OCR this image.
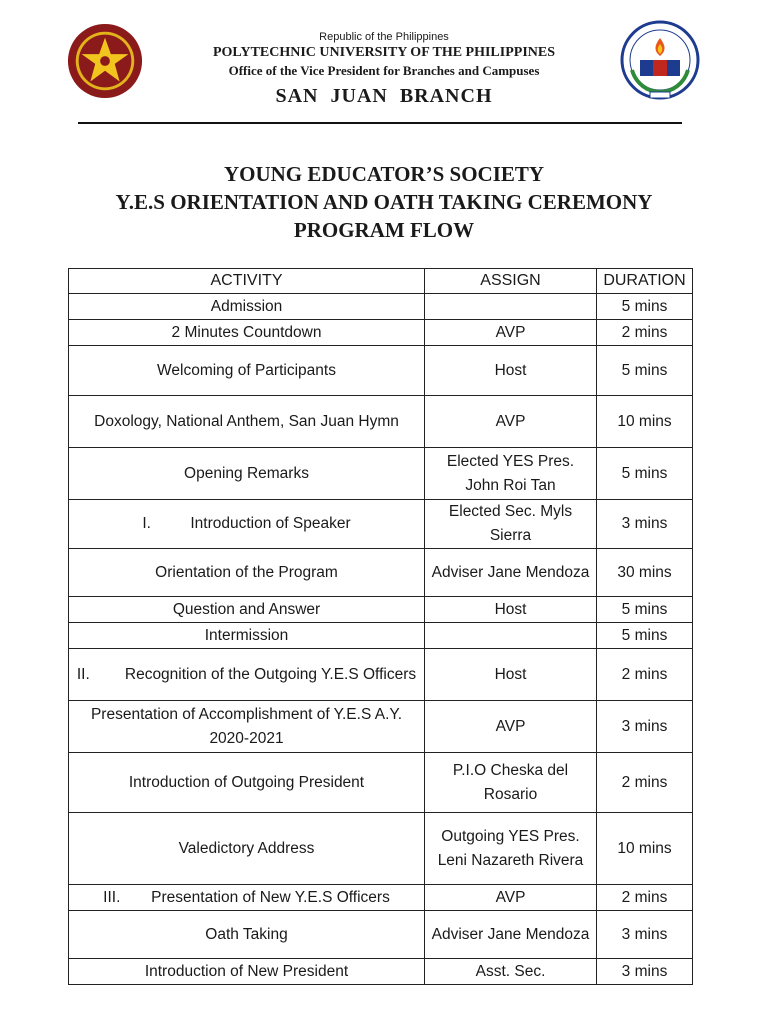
Republic of the Philippines
POLYTECHNIC UNIVERSITY OF THE PHILIPPINES
Office of the Vice President for Branches and Campuses
SAN JUAN BRANCH
YOUNG EDUCATOR’S SOCIETY
Y.E.S ORIENTATION AND OATH TAKING CEREMONY
PROGRAM FLOW
ACTIVITY	ASSIGN	DURATION
Admission		5 mins
2 Minutes Countdown	AVP	2 mins
Welcoming of Participants	Host	5 mins
Doxology, National Anthem, San Juan Hymn	AVP	10 mins
Opening Remarks	Elected YES Pres. John Roi Tan	5 mins
I. Introduction of Speaker	Elected Sec. Myls Sierra	3 mins
Orientation of the Program	Adviser Jane Mendoza	30 mins
Question and Answer	Host	5 mins
Intermission		5 mins
II. Recognition of the Outgoing Y.E.S Officers	Host	2 mins
Presentation of Accomplishment of Y.E.S A.Y. 2020-2021	AVP	3 mins
Introduction of Outgoing President	P.I.O Cheska del Rosario	2 mins
Valedictory Address	Outgoing YES Pres. Leni Nazareth Rivera	10 mins
III. Presentation of New Y.E.S Officers	AVP	2 mins
Oath Taking	Adviser Jane Mendoza	3 mins
Introduction of New President	Asst. Sec.	3 mins
